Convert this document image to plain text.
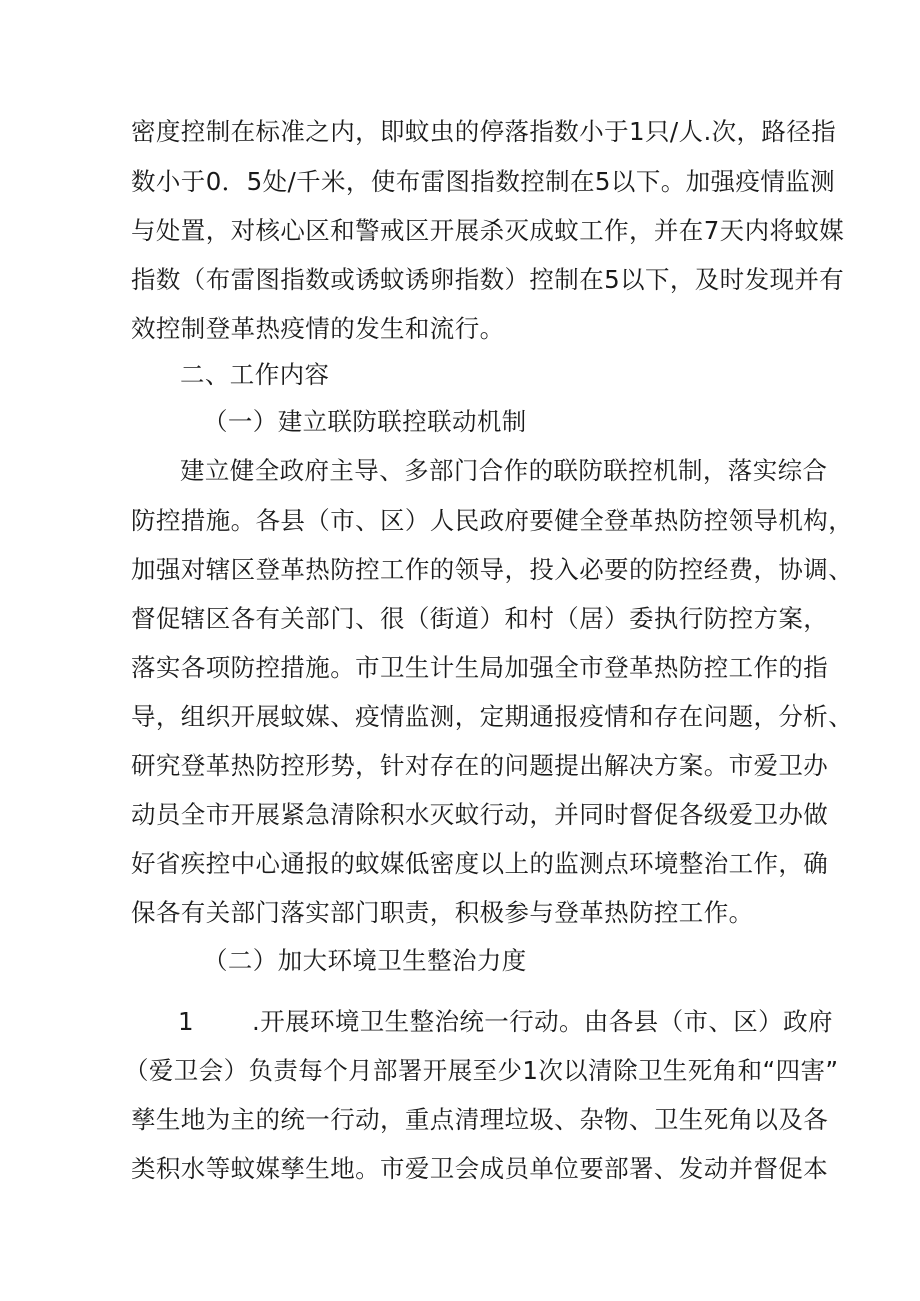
密度控制在标准之内，即蚊虫的停落指数小于1只/人.次，路径指
数小于0．5处/千米，使布雷图指数控制在5以下。加强疫情监测
与处置，对核心区和警戒区开展杀灭成蚊工作，并在7天内将蚊媒
指数（布雷图指数或诱蚊诱卵指数）控制在5以下，及时发现并有
效控制登革热疫情的发生和流行。
二、工作内容
（一）建立联防联控联动机制
建立健全政府主导、多部门合作的联防联控机制，落实综合
防控措施。各县（市、区）人民政府要健全登革热防控领导机构，
加强对辖区登革热防控工作的领导，投入必要的防控经费，协调、
督促辖区各有关部门、很（街道）和村（居）委执行防控方案，
落实各项防控措施。市卫生计生局加强全市登革热防控工作的指
导，组织开展蚊媒、疫情监测，定期通报疫情和存在问题，分析、
研究登革热防控形势，针对存在的问题提出解决方案。市爱卫办
动员全市开展紧急清除积水灭蚊行动，并同时督促各级爱卫办做
好省疾控中心通报的蚊媒低密度以上的监测点环境整治工作，确
保各有关部门落实部门职责，积极参与登革热防控工作。
（二）加大环境卫生整治力度
1 .开展环境卫生整治统一行动。由各县（市、区）政府
（爱卫会）负责每个月部署开展至少1次以清除卫生死角和“四害”
孳生地为主的统一行动，重点清理垃圾、杂物、卫生死角以及各
类积水等蚊媒孳生地。市爱卫会成员单位要部署、发动并督促本
